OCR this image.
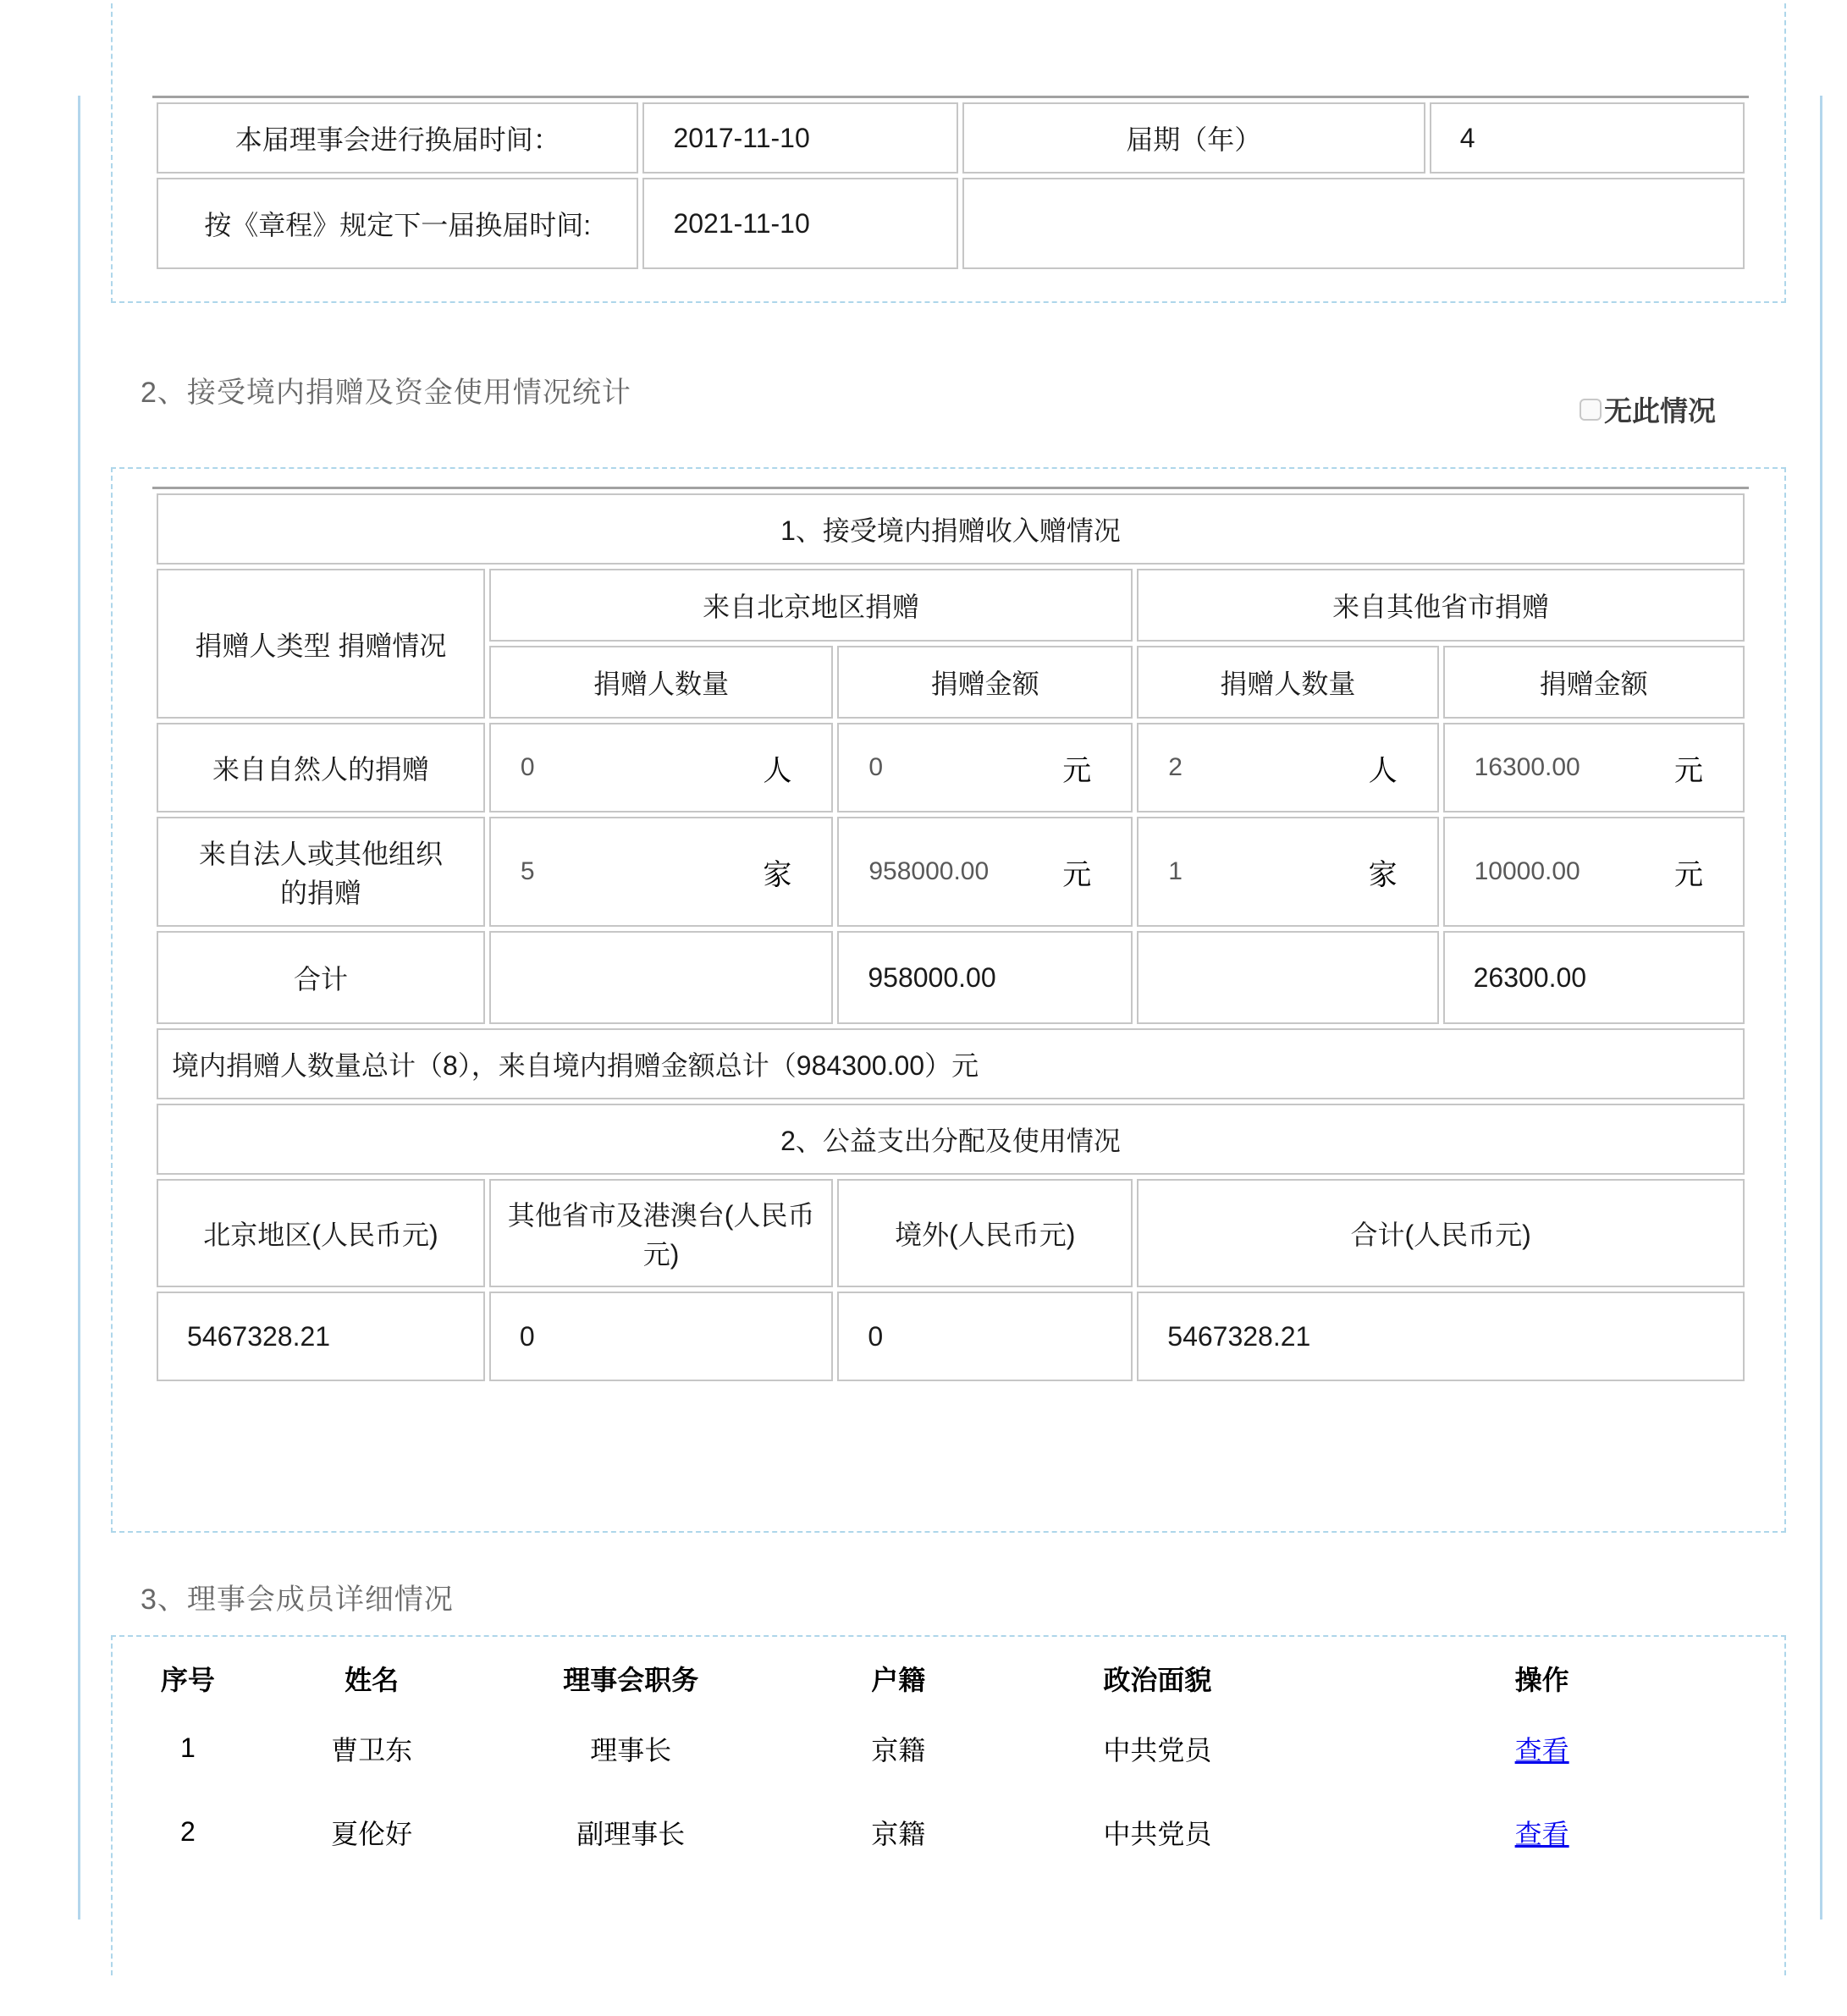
本届理事会进行换届时间：	2017-11-10	届期（年）	4
按《章程》规定下一届换届时间:	2021-11-10		
2、接受境内捐赠及资金使用情况统计
无此情况
1、接受境内捐赠收入赠情况				
捐赠人类型 捐赠情况	来自北京地区捐赠		来自其他省市捐赠	
	捐赠人数量	捐赠金额	捐赠人数量	捐赠金额
来自自然人的捐赠	0 人	0 元	2 人	16300.00 元

来自法人或其他组织的捐赠	5 家	958000.00 元	1 家	10000.00 元

合计		958000.00		26300.00
境内捐赠人数量总计（8），来自境内捐赠金额总计（984300.00）元				
2、公益支出分配及使用情况				
北京地区(人民币元)	其他省市及港澳台(人民币元)	境外(人民币元)	合计(人民币元)	
5467328.21	0	0	5467328.21	
3、理事会成员详细情况
序号	姓名	理事会职务	户籍	政治面貌	操作
1	曹卫东	理事长	京籍	中共党员	查看
2	夏伦好	副理事长	京籍	中共党员	查看
